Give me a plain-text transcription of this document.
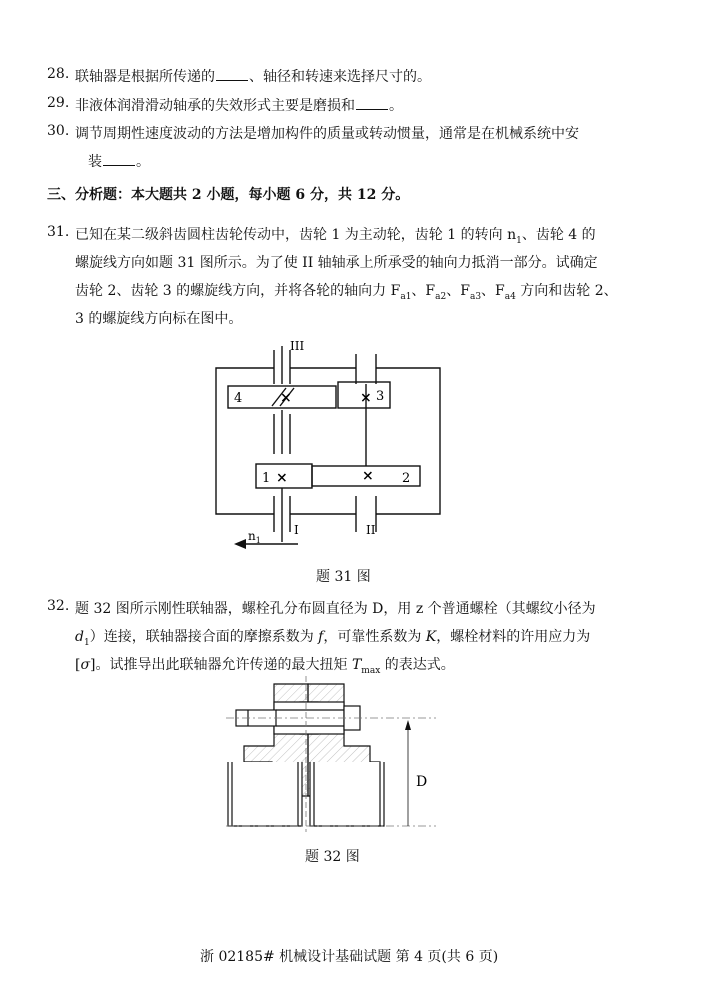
28. 联轴器是根据所传递的 、轴径和转速来选择尺寸的。
29. 非液体润滑滑动轴承的失效形式主要是磨损和 。
30. 调节周期性速度波动的方法是增加构件的质量或转动惯量，通常是在机械系统中安
装 。
三、分析题：本大题共 2 小题，每小题 6 分，共 12 分。
31. 已知在某二级斜齿圆柱齿轮传动中，齿轮 1 为主动轮，齿轮 1 的转向 $n_1$、齿轮 4 的
螺旋线方向如题 31 图所示。为了使 II 轴轴承上所承受的轴向力抵消一部分。试确定
齿轮 2、齿轮 3 的螺旋线方向，并将各轮的轴向力 $F_{a1}$、$F_{a2}$、$F_{a3}$、$F_{a4}$ 方向和齿轮 2、
3 的螺旋线方向标在图中。
III
4	×	× 3
1 ×	× 2
I	II
$n_1$
题 31 图
32. 题 32 图所示刚性联轴器，螺栓孔分布圆直径为 D，用 z 个普通螺栓（其螺纹小径为
$d_1$）连接，联轴器接合面的摩擦系数为 f，可靠性系数为 K，螺栓材料的许用应力为
[σ]。试推导出此联轴器允许传递的最大扭矩 $T_{max}$ 的表达式。
D
题 32 图
浙 02185# 机械设计基础试题 第 4 页(共 6 页)
